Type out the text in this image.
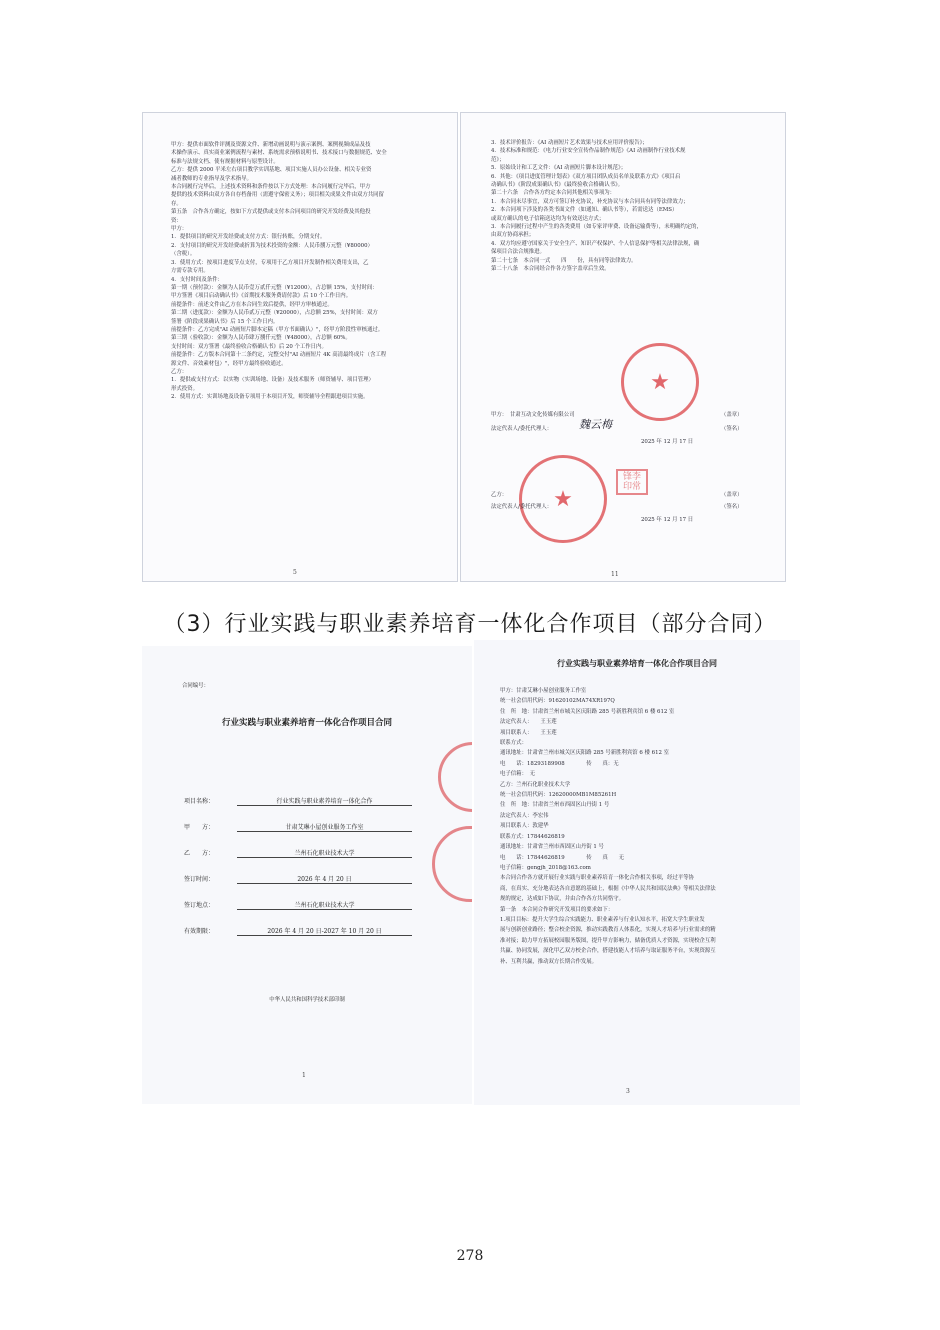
甲方：提供市面软件评测及资源文件、新增动画说明与演示案例、案例视频成品及技
术操作演示、真实商业案例流程与素材、系统需求预格说明书、技术接口与数据规范、安全
标准与法规文档、使有规据材料与原型设计。
乙方：提供 2000 平米左右项目教学实训基地、项目实施人员办公设备、相关专业资
减者教师的专业指导及学术指导。
本合同履行完毕后，上述技术资料和条件按以下方式处理：本合同履行完毕后，甲方
提供的技术资料由双方各自存档备用（需遵守保密义务）；项目相关成果文件由双方共同留
存。
第五条　合作各方确定，按如下方式提供或支付本合同项目的研究开发经费及其他投
资：
甲方：
1．提供项目的研究开发经费或支付方式：银行转账，分期支付。
2．支付项目的研究开发经费或折算为技术投资的金额：人民币捌万元整（¥80000）
（含税）。
3．使用方式：按项目进度节点支付，专项用于乙方项目开发制作相关费用支出，乙
方需专款专用。
4．支付时间及条件：
第一期（预付款）：金额为人民币壹万贰仟元整（¥12000），占总额 15%，支付时间：
甲方签署《项目启动确认书》《首期技术服务费请付款》后 10 个工作日内。
前提条件：前述文件由乙方在本合同生效后提供，经甲方审核通过。
第二期（进度款）：金额为人民币贰万元整（¥20000），占总额 25%，支付时间：双方
签署《阶段成果确认书》后 15 个工作日内。
前提条件：乙方完成"AI 动画短片脚本定稿（甲方书面确认）"，经甲方阶段性审核通过。
第三期（验收款）：金额为人民币肆万捌仟元整（¥48000），占总额 60%。
支付时间：双方签署《最终验收合格确认书》后 20 个工作日内。
前提条件：乙方版本合同第十二条约定，完整交付"AI 动画短片 4K 高清最终成片（含工程
源文件、音效素材包）"，经甲方最终验收通过。
乙方：
1．提供或支付方式：以实物（实训场地、设备）及技术服务（师资辅导、项目管理）
形式投资。
2．使用方式：实训场地及设备专项用于本项目开发，师资辅导全程跟进项目实施。
5
3．技术评价报告：《AI 动画短片艺术效果与技术应用评价报告》；
4．技术标准和规范：《电力行业安全宣传作品制作规范》《AI 动画制作行业技术规
范》；
5．原始设计和工艺文件：《AI 动画短片脚本设计规范》；
6．其他：《项目进度管理计划表》《双方项目团队成员名单及联系方式》《项目启
动确认书》《阶段成果确认书》《最终验收合格确认书》。
第二十六条　合作各方约定本合同其他相关事项为：
1．本合同未尽事宜，双方可签订补充协议，补充协议与本合同具有同等法律效力；
2．本合同项下涉及的各类书面文件（如通知、确认书等），若需送达（EMS）
或双方确认的电子信箱送达均为有效送达方式；
3．本合同履行过程中产生的各类费用（如专家评审费、设备运输费等），未明确约定的，
由双方协商承担；
4．双方均应遵守国家关于安全生产、知识产权保护、个人信息保护等相关法律法规，确
保项目合法合规推进。
第二十七条　本合同一式　　四　　份，具有同等法律效力。
第二十八条　本合同经合作各方签字盖章后生效。
★
甲方：　甘肃互动文化传媒有限公司	（盖章）
法定代表人/委托代理人：	（签名）
2025 年 12 月 17 日
魏云梅
★
锋李
印常
乙方：	（盖章）
法定代表人/委托代理人：	（签名）
2025 年 12 月 17 日
11
（3）行业实践与职业素养培育一体化合作项目（部分合同）
合同编号：
行业实践与职业素养培育一体化合作项目合同
项目名称：	行业实践与职业素养培育一体化合作
甲　　方：	甘肃艾琳小屋创业服务工作室
乙　　方：	兰州石化职业技术大学
签订时间：	2026 年 4 月 20 日
签订地点：	兰州石化职业技术大学
有效期限：	2026 年 4 月 20 日-2027 年 10 月 20 日
中华人民共和国科学技术部印制
1
行业实践与职业素养培育一体化合作项目合同
甲方：甘肃艾琳小屋创业服务工作室
统一社会信用代码：91620102MA74XR197Q
住　所　地：甘肃省兰州市城关区庆阳路 285 号新胜利宾馆 6 楼 612 室
法定代表人：　　王玉莲
项目联系人：　　王玉莲
联系方式：
通讯地址：甘肃省兰州市城关区庆阳路 285 号新胜利宾馆 6 楼 612 室
电　　话：18293189908　　　　传　　真：无
电子信箱：　无
乙方：兰州石化职业技术大学
统一社会信用代码：12620000MB1M85261H
住　所　地：甘肃省兰州市西固区山丹街 1 号
法定代表人：李宏伟
项目联系人：敦建华
联系方式：17844626819
通讯地址：甘肃省兰州市西固区山丹街 1 号
电　　话：17844626819　　　　传　　真　　无
电子信箱：gengjh_2018@163.com
本合同合作各方就开展行业实践与职业素养培育一体化合作相关事项，经过平等协
商，在真实、充分地表达各自意愿的基础上，根据《中华人民共和国民法典》等相关法律法
规的规定，达成如下协议，并由合作各方共同恪守。
第一条　本合同合作研究开发项目的要求如下：
1.项目目标：提升大学生综合实践能力、职业素养与行业认知水平，拓宽大学生职业发
展与创新创业路径；整合校企资源，推动实践教育人体系化，实现人才培养与行业需求的精
准对接；助力甲方拓展校园服务版图，提升甲方影响力，储备优质人才资源，实现校企互利
共赢、协同发展，深化甲乙双方校企合作，搭建技能人才培养与取证服务平台，实现资源互
补、互利共赢，推动双方长期合作发展。
3
278
